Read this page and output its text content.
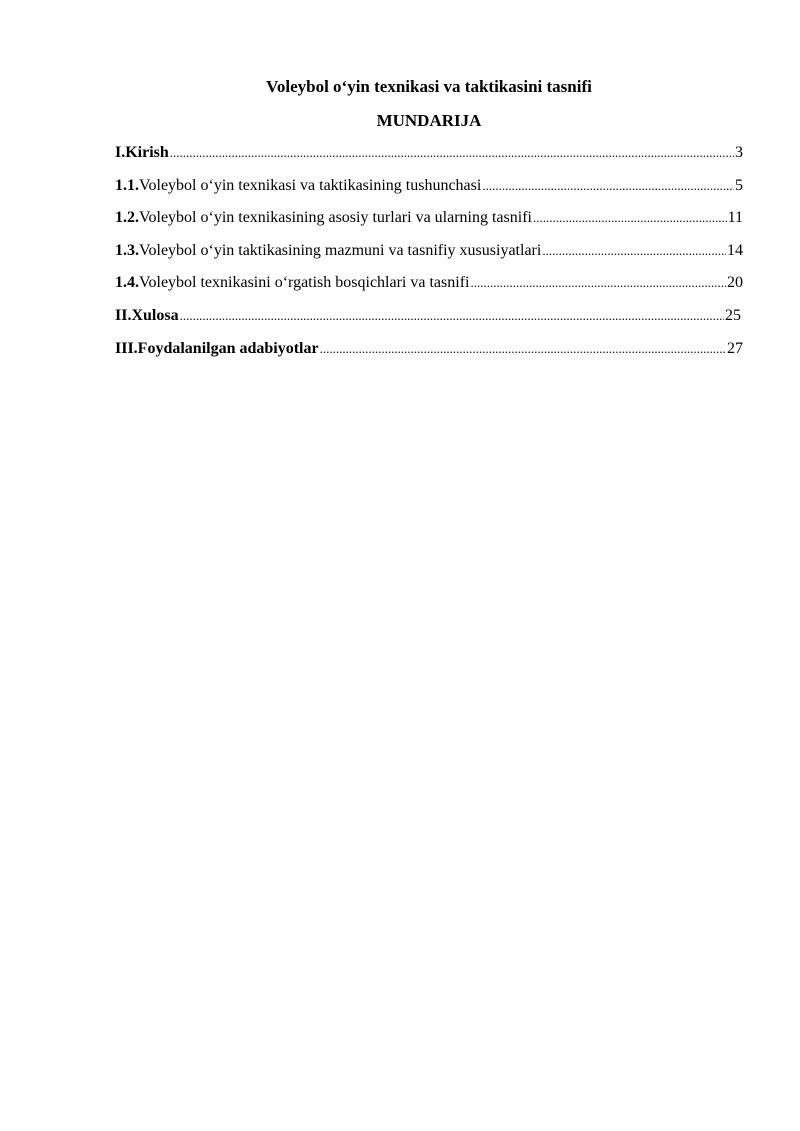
Voleybol o‘yin texnikasi va taktikasini tasnifi
MUNDARIJA
I.Kirish .....	3
1.1. Voleybol o‘yin texnikasi va taktikasining tushunchasi .....	5
1.2. Voleybol o‘yin texnikasining asosiy turlari va ularning tasnifi .....	11
1.3. Voleybol o‘yin taktikasining mazmuni va tasnifiy xususiyatlari .....	14
1.4. Voleybol texnikasini o‘rgatish bosqichlari va tasnifi .....	20
II.Xulosa .....	25
III.Foydalanilgan adabiyotlar .....	27
